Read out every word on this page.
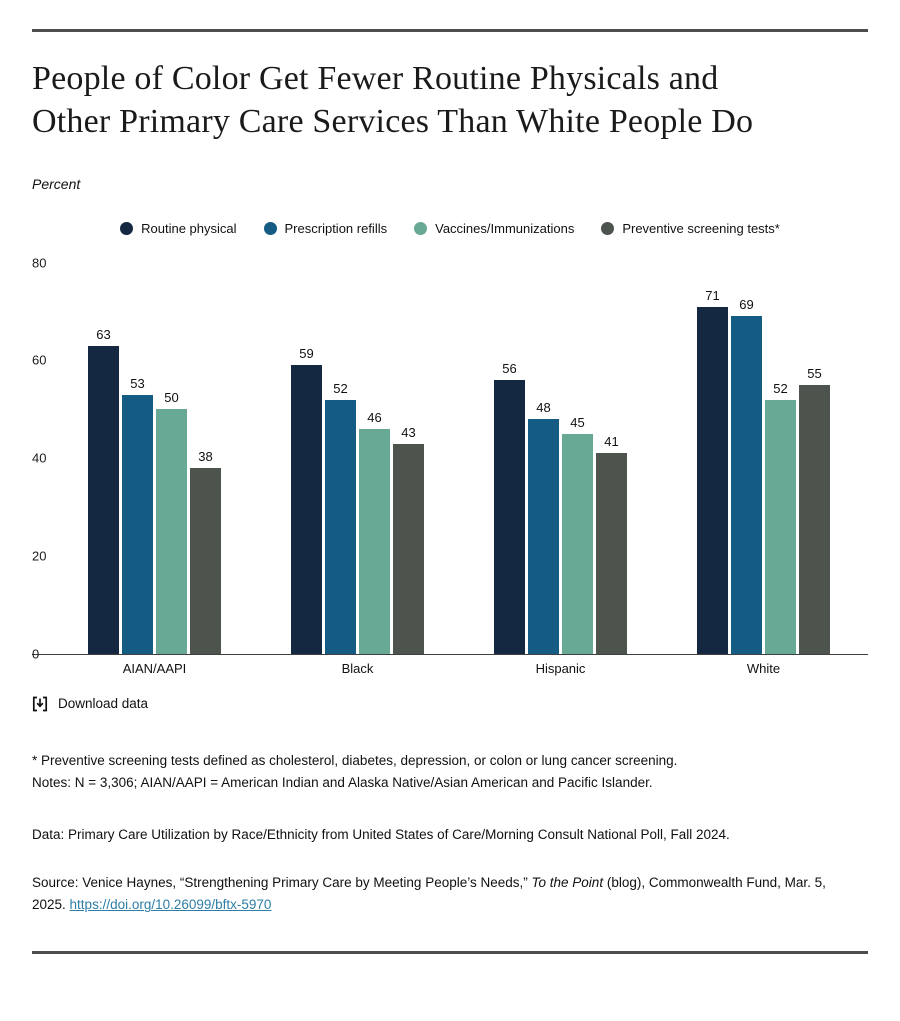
People of Color Get Fewer Routine Physicals and
Other Primary Care Services Than White People Do
Percent
Routine physical	Prescription refills	Vaccines/Immunizations	Preventive screening tests*
0
20
40
60
80
63
53
50
38
AIAN/AAPI
59
52
46
43
Black
56
48
45
41
Hispanic
71
69
52
55
White
Download data

* Preventive screening tests defined as cholesterol, diabetes, depression, or colon or lung cancer screening.

Notes: N = 3,306; AIAN/AAPI = American Indian and Alaska Native/Asian American and Pacific Islander.

Data: Primary Care Utilization by Race/Ethnicity from United States of Care/Morning Consult National Poll, Fall 2024.
Source: Venice Haynes, “Strengthening Primary Care by Meeting People’s Needs,” To the Point (blog), Commonwealth Fund, Mar. 5, 2025. https://doi.org/10.26099/bftx-5970
